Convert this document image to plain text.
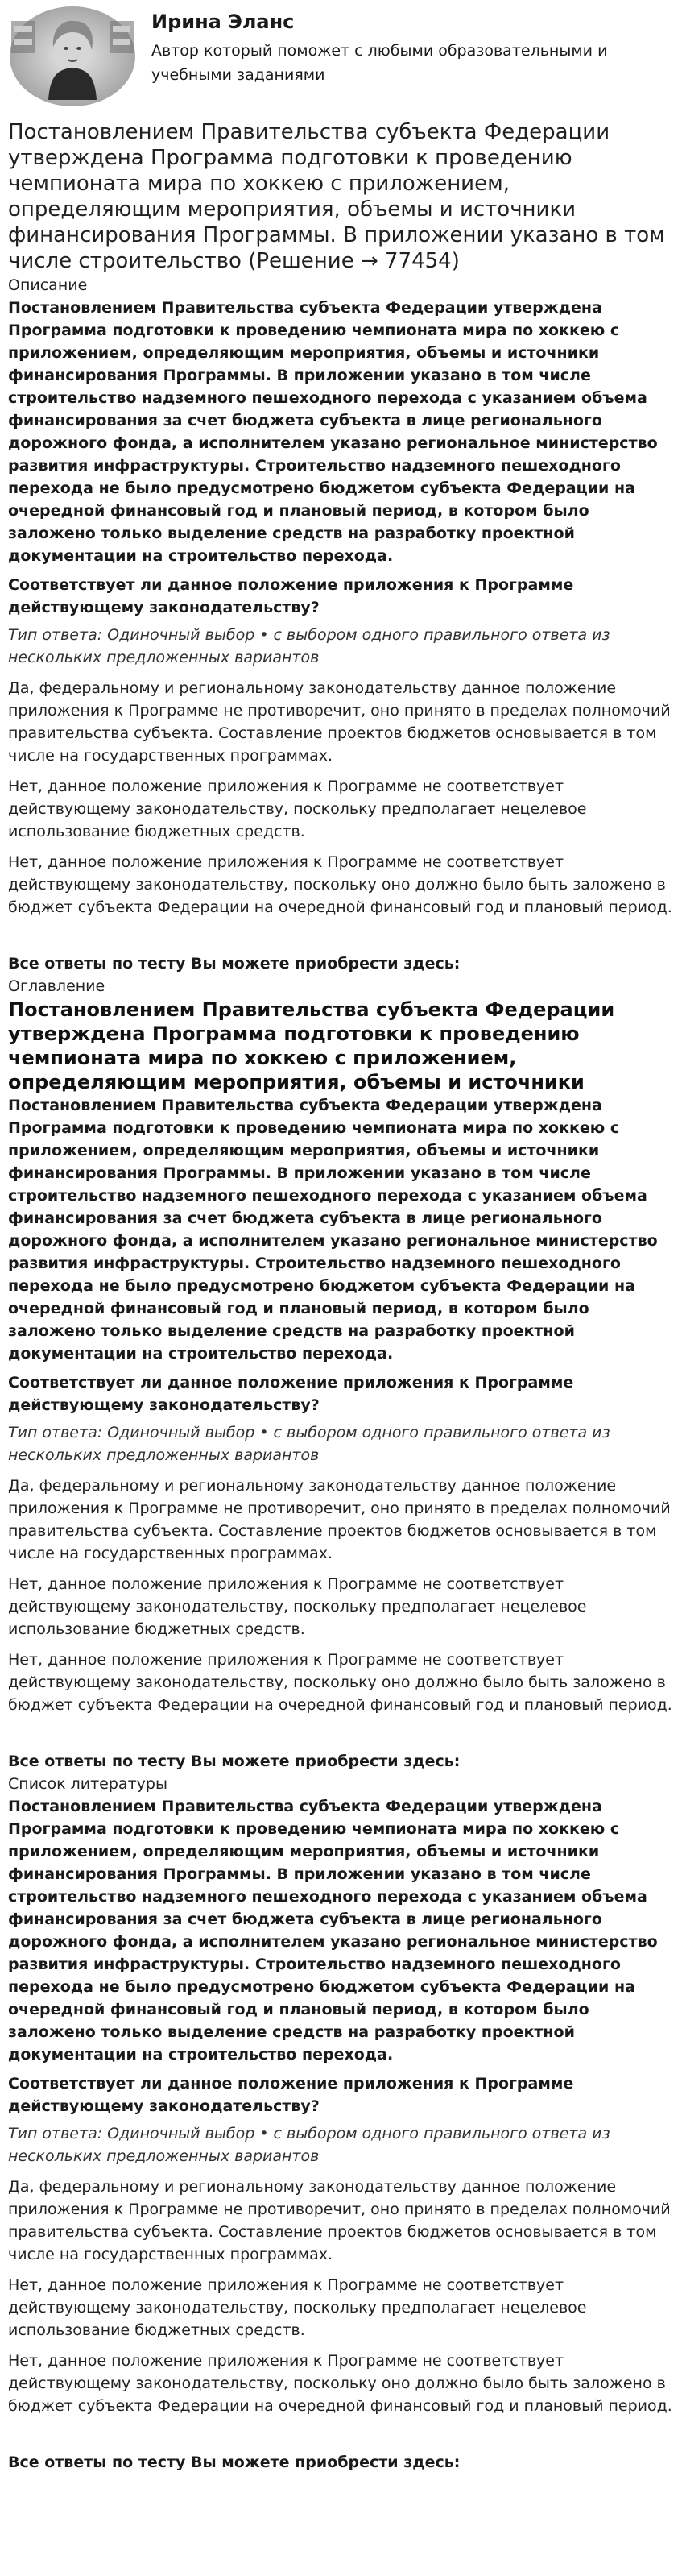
Ирина Эланс
Автор который поможет с любыми образовательными и учебными заданиями
Постановлением Правительства субъекта Федерации утверждена Программа подготовки к проведению чемпионата мира по хоккею с приложением, определяющим мероприятия, объемы и источники финансирования Программы. В приложении указано в том числе строительство (Решение → 77454)
Описание

Постановлением Правительства субъекта Федерации утверждена Программа подготовки к проведению чемпионата мира по хоккею с приложением, определяющим мероприятия, объемы и источники финансирования Программы. В приложении указано в том числе строительство надземного пешеходного перехода с указанием объема финансирования за счет бюджета субъекта в лице регионального дорожного фонда, а исполнителем указано региональное министерство развития инфраструктуры. Строительство надземного пешеходного перехода не было предусмотрено бюджетом субъекта Федерации на очередной финансовый год и плановый период, в котором было заложено только выделение средств на разработку проектной документации на строительство перехода.

Соответствует ли данное положение приложения к Программе действующему законодательству?
Тип ответа: Одиночный выбор • с выбором одного правильного ответа из нескольких предложенных вариантов
Да, федеральному и региональному законодательству данное положение приложения к Программе не противоречит, оно принято в пределах полномочий правительства субъекта. Составление проектов бюджетов основывается в том числе на государственных программах.
Нет, данное положение приложения к Программе не соответствует действующему законодательству, поскольку предполагает нецелевое использование бюджетных средств.
Нет, данное положение приложения к Программе не соответствует действующему законодательству, поскольку оно должно было быть заложено в бюджет субъекта Федерации на очередной финансовый год и плановый период.
Все ответы по тесту Вы можете приобрести здесь:
Оглавление
Постановлением Правительства субъекта Федерации утверждена Программа подготовки к проведению чемпионата мира по хоккею с приложением, определяющим мероприятия, объемы и источники

Постановлением Правительства субъекта Федерации утверждена Программа подготовки к проведению чемпионата мира по хоккею с приложением, определяющим мероприятия, объемы и источники финансирования Программы. В приложении указано в том числе строительство надземного пешеходного перехода с указанием объема финансирования за счет бюджета субъекта в лице регионального дорожного фонда, а исполнителем указано региональное министерство развития инфраструктуры. Строительство надземного пешеходного перехода не было предусмотрено бюджетом субъекта Федерации на очередной финансовый год и плановый период, в котором было заложено только выделение средств на разработку проектной документации на строительство перехода.

Соответствует ли данное положение приложения к Программе действующему законодательству?
Тип ответа: Одиночный выбор • с выбором одного правильного ответа из нескольких предложенных вариантов
Да, федеральному и региональному законодательству данное положение приложения к Программе не противоречит, оно принято в пределах полномочий правительства субъекта. Составление проектов бюджетов основывается в том числе на государственных программах.
Нет, данное положение приложения к Программе не соответствует действующему законодательству, поскольку предполагает нецелевое использование бюджетных средств.
Нет, данное положение приложения к Программе не соответствует действующему законодательству, поскольку оно должно было быть заложено в бюджет субъекта Федерации на очередной финансовый год и плановый период.
Все ответы по тесту Вы можете приобрести здесь:
Список литературы

Постановлением Правительства субъекта Федерации утверждена Программа подготовки к проведению чемпионата мира по хоккею с приложением, определяющим мероприятия, объемы и источники финансирования Программы. В приложении указано в том числе строительство надземного пешеходного перехода с указанием объема финансирования за счет бюджета субъекта в лице регионального дорожного фонда, а исполнителем указано региональное министерство развития инфраструктуры. Строительство надземного пешеходного перехода не было предусмотрено бюджетом субъекта Федерации на очередной финансовый год и плановый период, в котором было заложено только выделение средств на разработку проектной документации на строительство перехода.

Соответствует ли данное положение приложения к Программе действующему законодательству?
Тип ответа: Одиночный выбор • с выбором одного правильного ответа из нескольких предложенных вариантов
Да, федеральному и региональному законодательству данное положение приложения к Программе не противоречит, оно принято в пределах полномочий правительства субъекта. Составление проектов бюджетов основывается в том числе на государственных программах.
Нет, данное положение приложения к Программе не соответствует действующему законодательству, поскольку предполагает нецелевое использование бюджетных средств.
Нет, данное положение приложения к Программе не соответствует действующему законодательству, поскольку оно должно было быть заложено в бюджет субъекта Федерации на очередной финансовый год и плановый период.
Все ответы по тесту Вы можете приобрести здесь:
